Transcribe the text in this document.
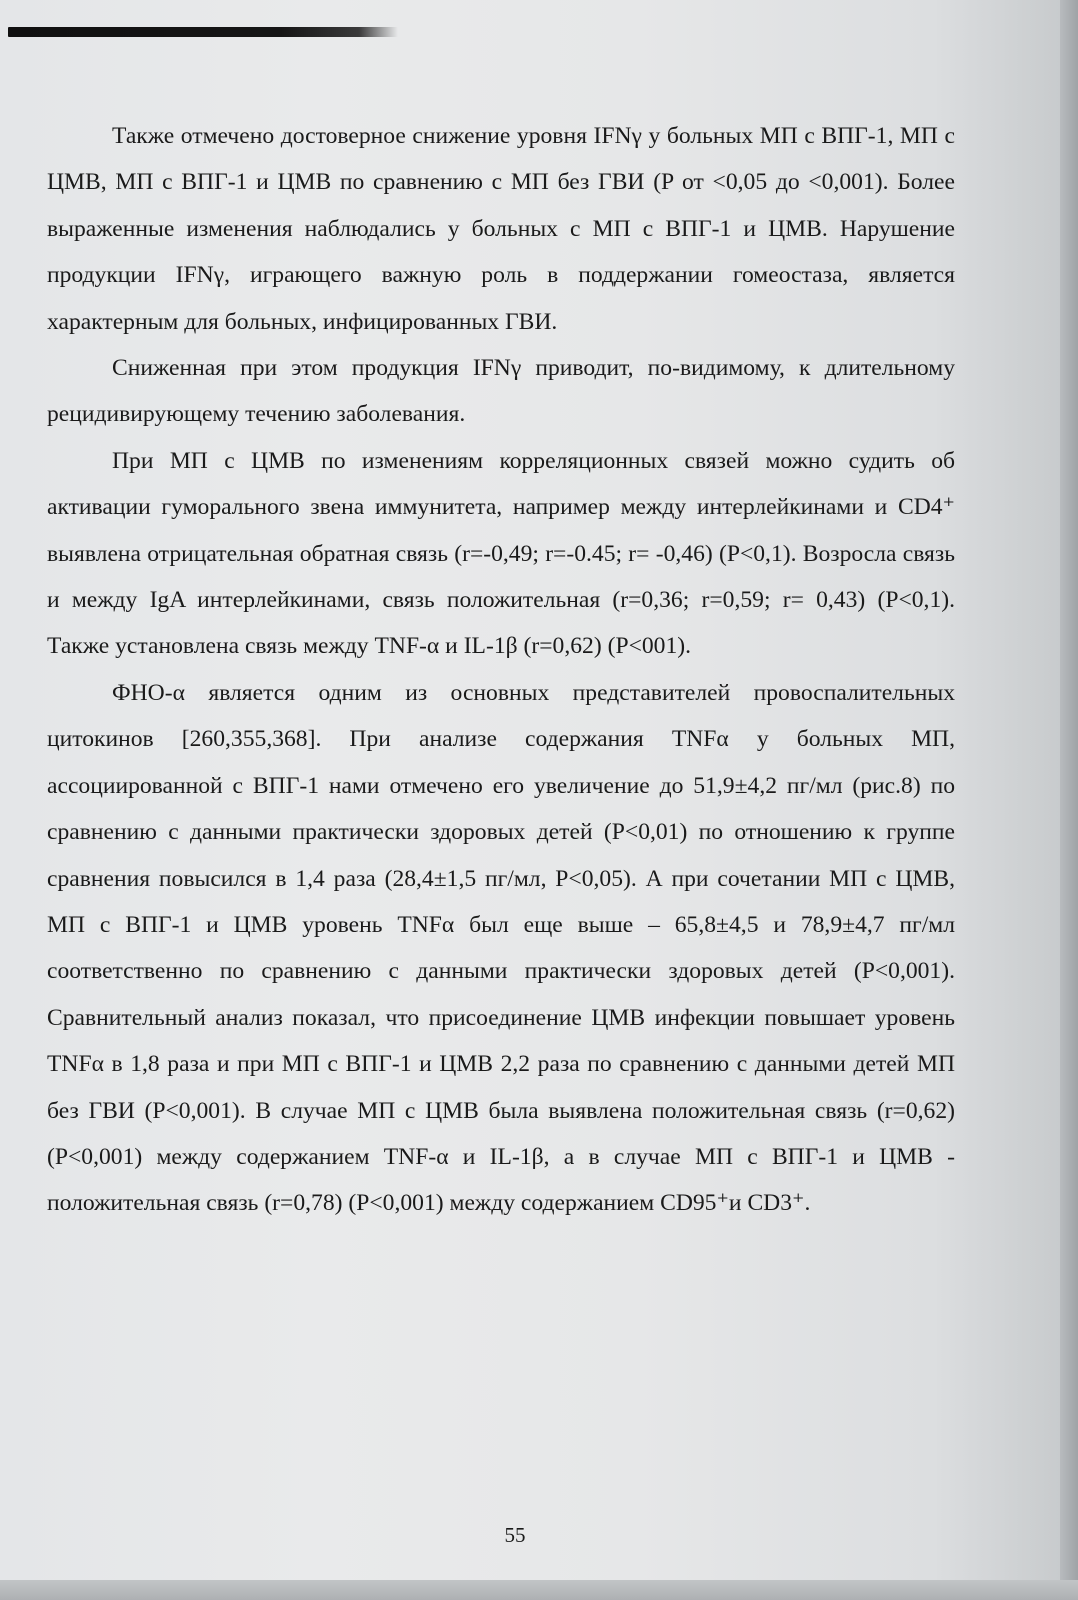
Также отмечено достоверное снижение уровня IFNγ у больных МП с ВПГ-1, МП с ЦМВ, МП с ВПГ-1 и ЦМВ по сравнению с МП без ГВИ (P от <0,05 до <0,001). Более выраженные изменения наблюдались у больных с МП с ВПГ-1 и ЦМВ. Нарушение продукции IFNγ, играющего важную роль в поддержании гомеостаза, является характерным для больных, инфицированных ГВИ.

Сниженная при этом продукция IFNγ приводит, по-видимому, к длительному рецидивирующему течению заболевания.

При МП с ЦМВ по изменениям корреляционных связей можно судить об активации гуморального звена иммунитета, например между интерлейкинами и CD4⁺ выявлена отрицательная обратная связь (r=-0,49; r=-0.45; r= -0,46) (P<0,1). Возросла связь и между IgA интерлейкинами, связь положительная (r=0,36; r=0,59; r= 0,43) (P<0,1). Также установлена связь между TNF-α и IL-1β (r=0,62) (P<001).

ФНО-α является одним из основных представителей провоспалительных цитокинов [260,355,368]. При анализе содержания TNFα у больных МП, ассоциированной с ВПГ-1 нами отмечено его увеличение до 51,9±4,2 пг/мл (рис.8) по сравнению с данными практически здоровых детей (P<0,01) по отношению к группе сравнения повысился в 1,4 раза (28,4±1,5 пг/мл, P<0,05). А при сочетании МП с ЦМВ, МП с ВПГ-1 и ЦМВ уровень TNFα был еще выше – 65,8±4,5 и 78,9±4,7 пг/мл соответственно по сравнению с данными практически здоровых детей (P<0,001). Сравнительный анализ показал, что присоединение ЦМВ инфекции повышает уровень TNFα в 1,8 раза и при МП с ВПГ-1 и ЦМВ 2,2 раза по сравнению с данными детей МП без ГВИ (P<0,001). В случае МП с ЦМВ была выявлена положительная связь (r=0,62) (P<0,001) между содержанием TNF-α и IL-1β, а в случае МП с ВПГ-1 и ЦМВ - положительная связь (r=0,78) (P<0,001) между содержанием CD95⁺и CD3⁺.

55
